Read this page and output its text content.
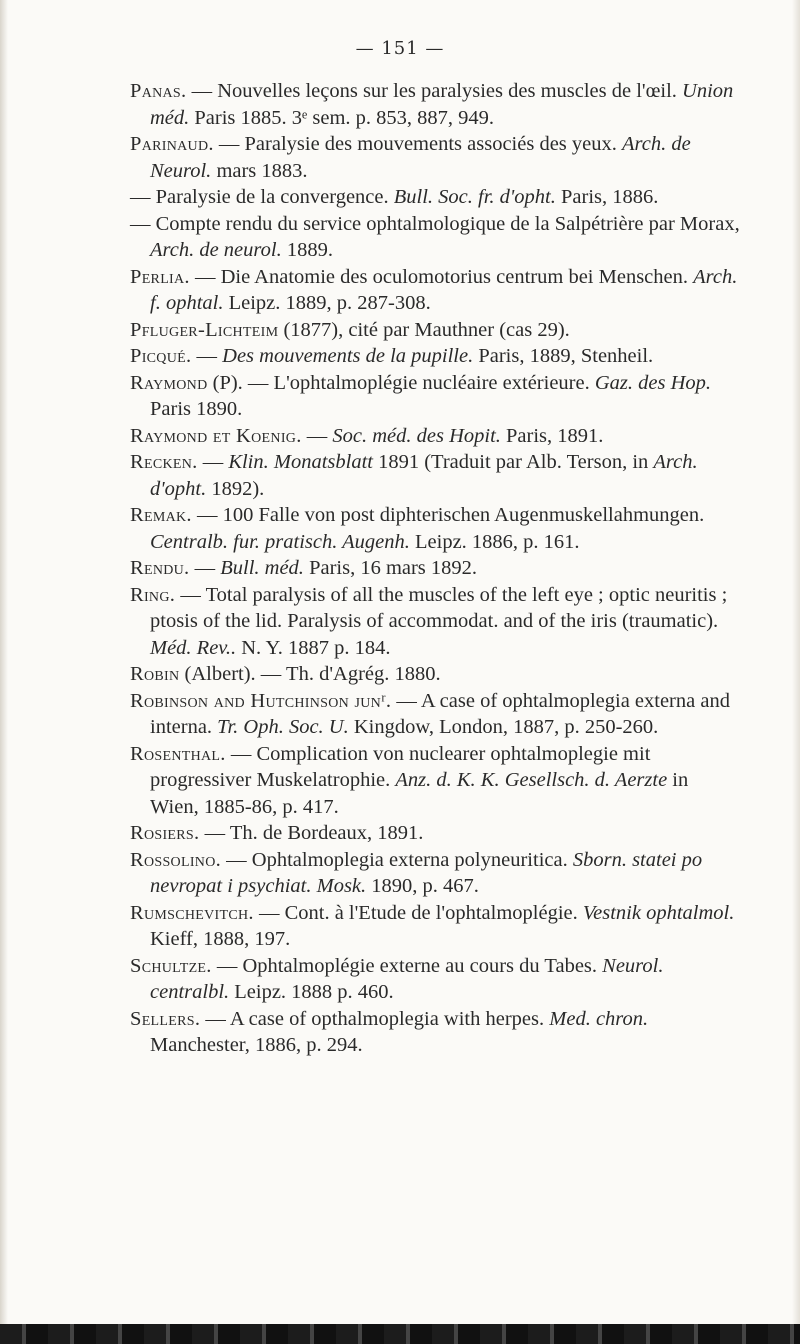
— 151 —

Panas. — Nouvelles leçons sur les paralysies des muscles de l'œil. Union méd. Paris 1885. 3ᵉ sem. p. 853, 887, 949.

Parinaud. — Paralysie des mouvements associés des yeux. Arch. de Neurol. mars 1883.

— Paralysie de la convergence. Bull. Soc. fr. d'opht. Paris, 1886.

— Compte rendu du service ophtalmologique de la Salpétrière par Morax, Arch. de neurol. 1889.

Perlia. — Die Anatomie des oculomotorius centrum bei Menschen. Arch. f. ophtal. Leipz. 1889, p. 287-308.

Pfluger-Lichteim (1877), cité par Mauthner (cas 29).

Picqué. — Des mouvements de la pupille. Paris, 1889, Stenheil.

Raymond (P). — L'ophtalmoplégie nucléaire extérieure. Gaz. des Hop. Paris 1890.

Raymond et Koenig. — Soc. méd. des Hopit. Paris, 1891.

Recken. — Klin. Monatsblatt 1891 (Traduit par Alb. Terson, in Arch. d'opht. 1892).

Remak. — 100 Falle von post diphterischen Augenmuskellahmungen. Centralb. fur. pratisch. Augenh. Leipz. 1886, p. 161.

Rendu. — Bull. méd. Paris, 16 mars 1892.

Ring. — Total paralysis of all the muscles of the left eye ; optic neuritis ; ptosis of the lid. Paralysis of accommodat. and of the iris (traumatic). Méd. Rev.. N. Y. 1887 p. 184.

Robin (Albert). — Th. d'Agrég. 1880.

Robinson and Hutchinson junʳ. — A case of ophtalmoplegia externa and interna. Tr. Oph. Soc. U. Kingdow, London, 1887, p. 250-260.

Rosenthal. — Complication von nuclearer ophtalmoplegie mit progressiver Muskelatrophie. Anz. d. K. K. Gesellsch. d. Aerzte in Wien, 1885-86, p. 417.

Rosiers. — Th. de Bordeaux, 1891.

Rossolino. — Ophtalmoplegia externa polyneuritica. Sborn. statei po nevropat i psychiat. Mosk. 1890, p. 467.

Rumschevitch. — Cont. à l'Etude de l'ophtalmoplégie. Vestnik ophtalmol. Kieff, 1888, 197.

Schultze. — Ophtalmoplégie externe au cours du Tabes. Neurol. centralbl. Leipz. 1888 p. 460.

Sellers. — A case of opthalmoplegia with herpes. Med. chron. Manchester, 1886, p. 294.
